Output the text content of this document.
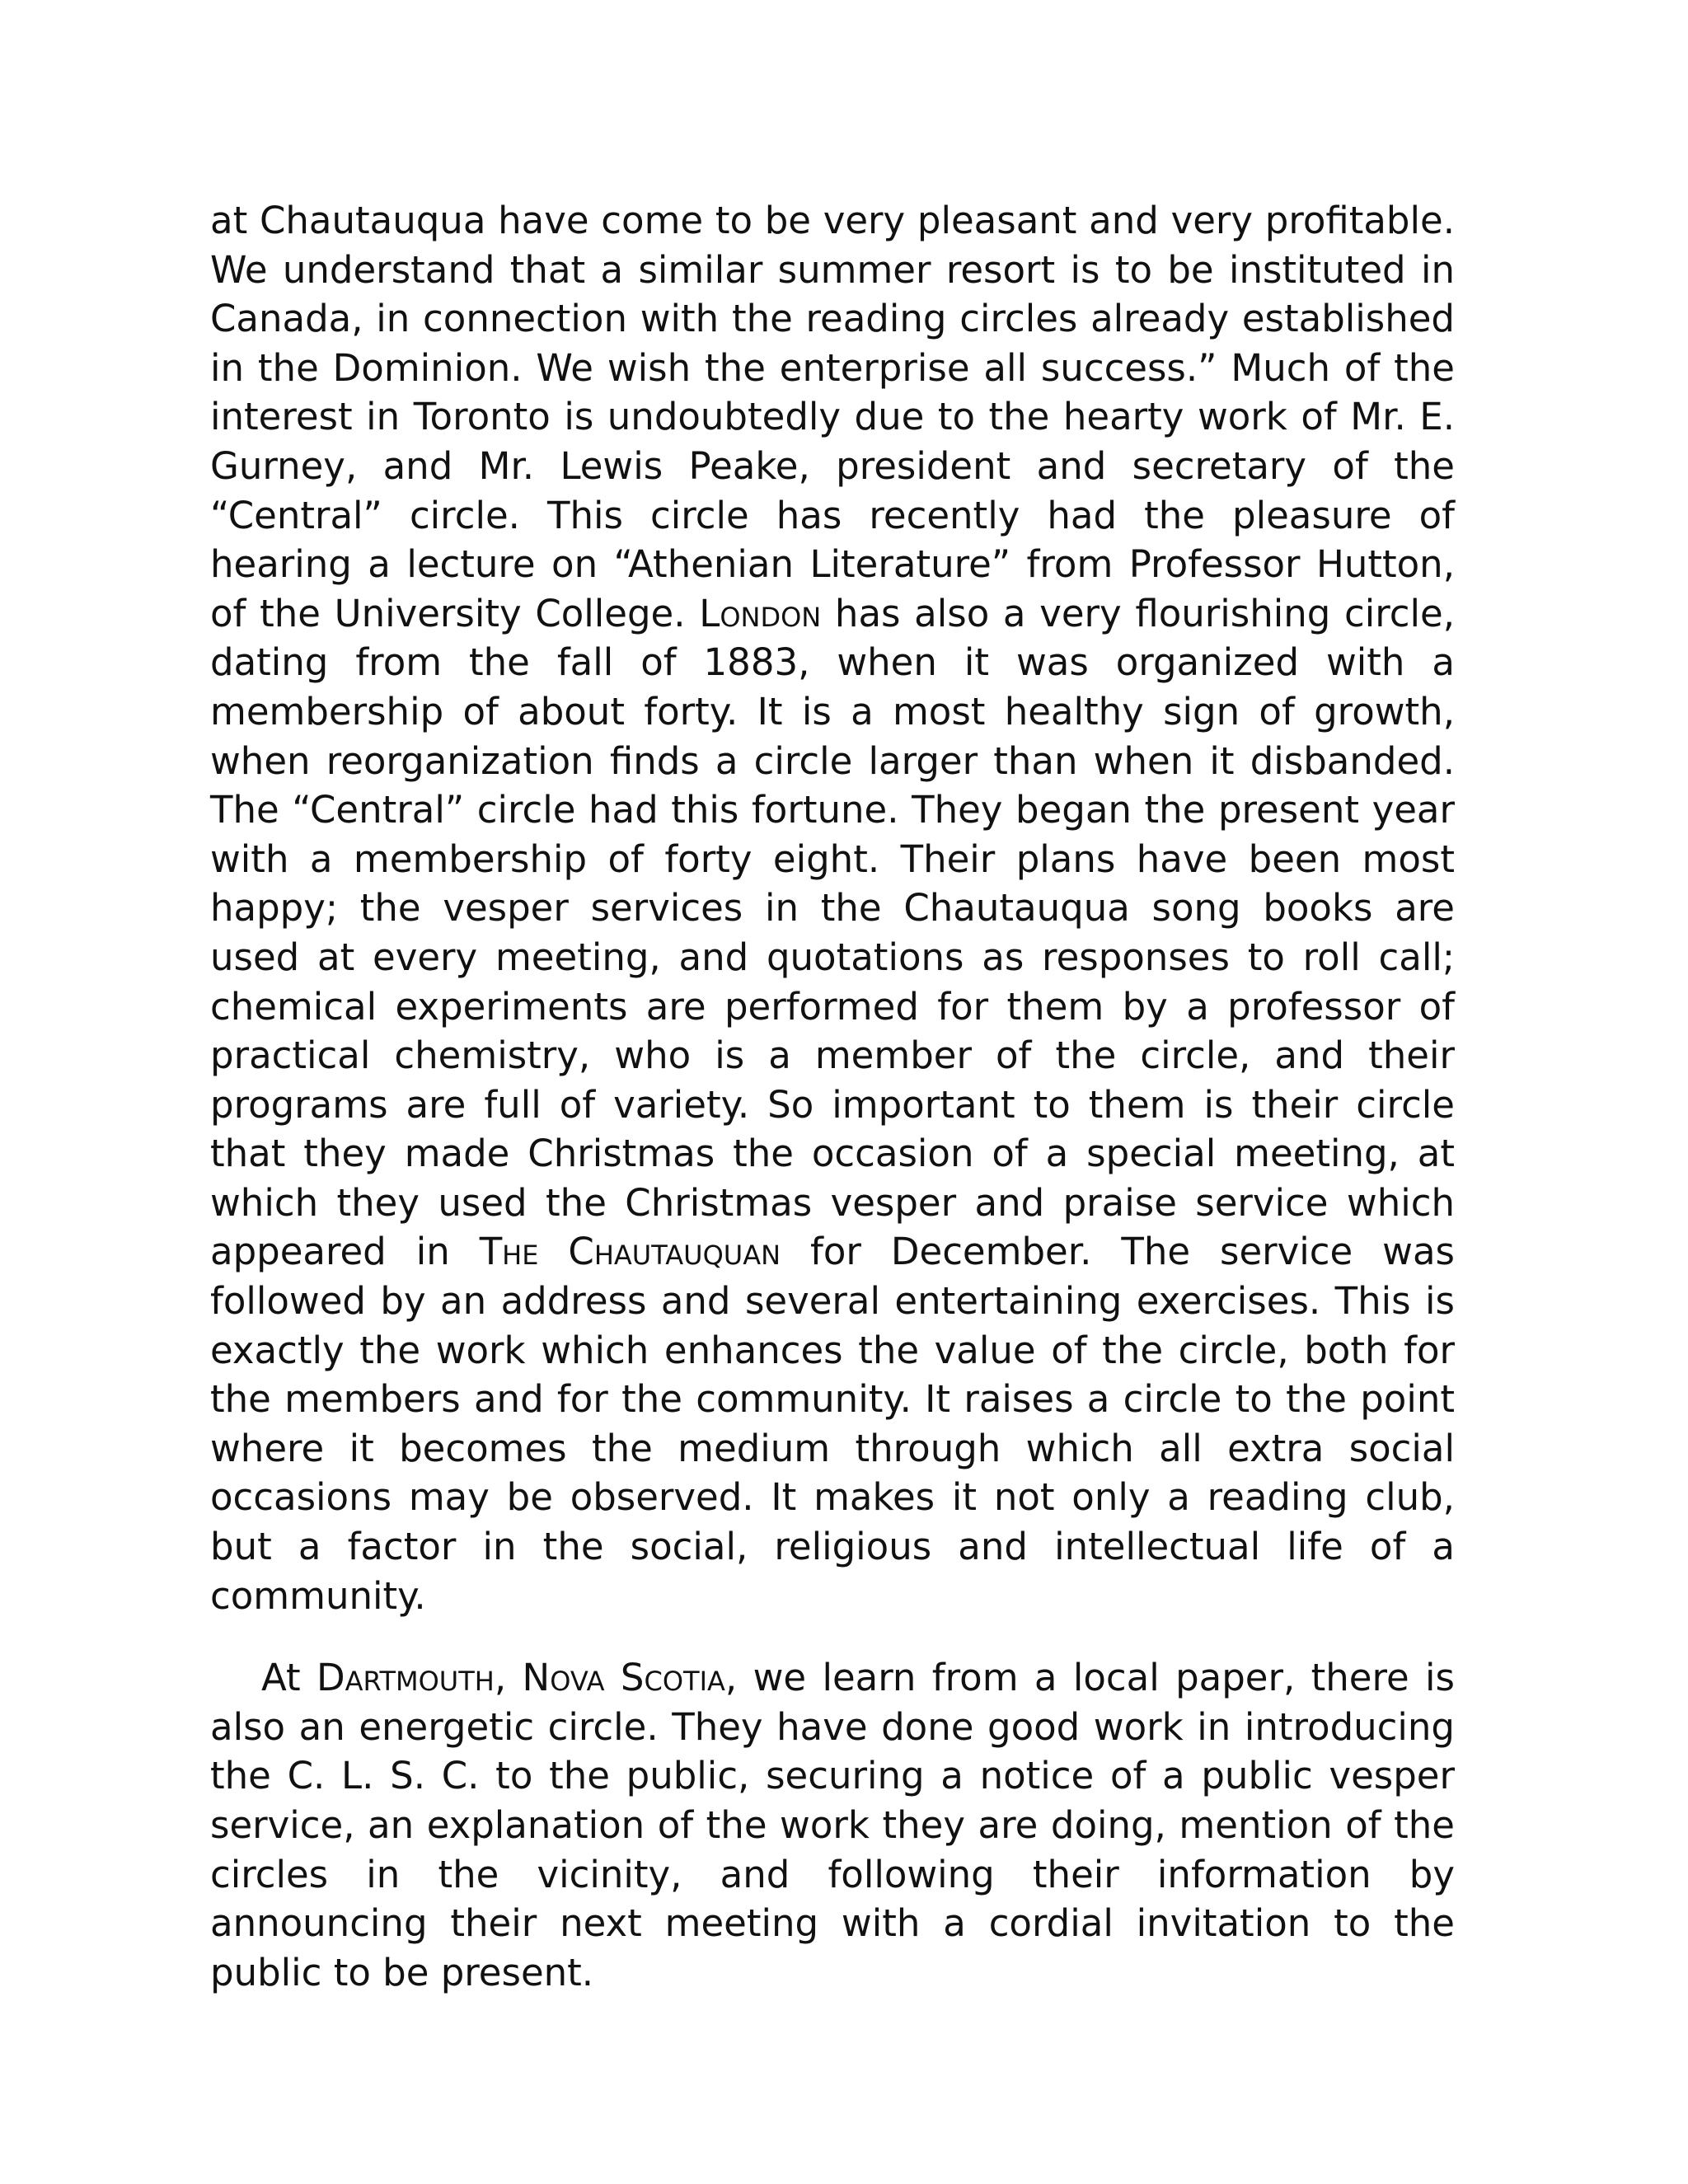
at Chautauqua have come to be very pleasant and very profitable. We understand that a similar summer resort is to be instituted in Canada, in connection with the reading circles already established in the Dominion. We wish the enterprise all success.” Much of the interest in Toronto is undoubtedly due to the hearty work of Mr. E. Gurney, and Mr. Lewis Peake, president and secretary of the “Central” circle. This circle has recently had the pleasure of hearing a lecture on “Athenian Literature” from Professor Hutton, of the University College. London has also a very flourishing circle, dating from the fall of 1883, when it was organized with a membership of about forty. It is a most healthy sign of growth, when reorganization finds a circle larger than when it disbanded. The “Central” circle had this fortune. They began the present year with a membership of forty eight. Their plans have been most happy; the vesper services in the Chautauqua song books are used at every meeting, and quotations as responses to roll call; chemical experiments are performed for them by a professor of practical chemistry, who is a member of the circle, and their programs are full of variety. So important to them is their circle that they made Christmas the occasion of a special meeting, at which they used the Christmas vesper and praise service which appeared in The Chautauquan for December. The service was followed by an address and several entertaining exercises. This is exactly the work which enhances the value of the circle, both for the members and for the community. It raises a circle to the point where it becomes the medium through which all extra social occasions may be observed. It makes it not only a reading club, but a factor in the social, religious and intellectual life of a community.

At Dartmouth, Nova Scotia, we learn from a local paper, there is also an energetic circle. They have done good work in introducing the C. L. S. C. to the public, securing a notice of a public vesper service, an explanation of the work they are doing, mention of the circles in the vicinity, and following their information by announcing their next meeting with a cordial invitation to the public to be present.
